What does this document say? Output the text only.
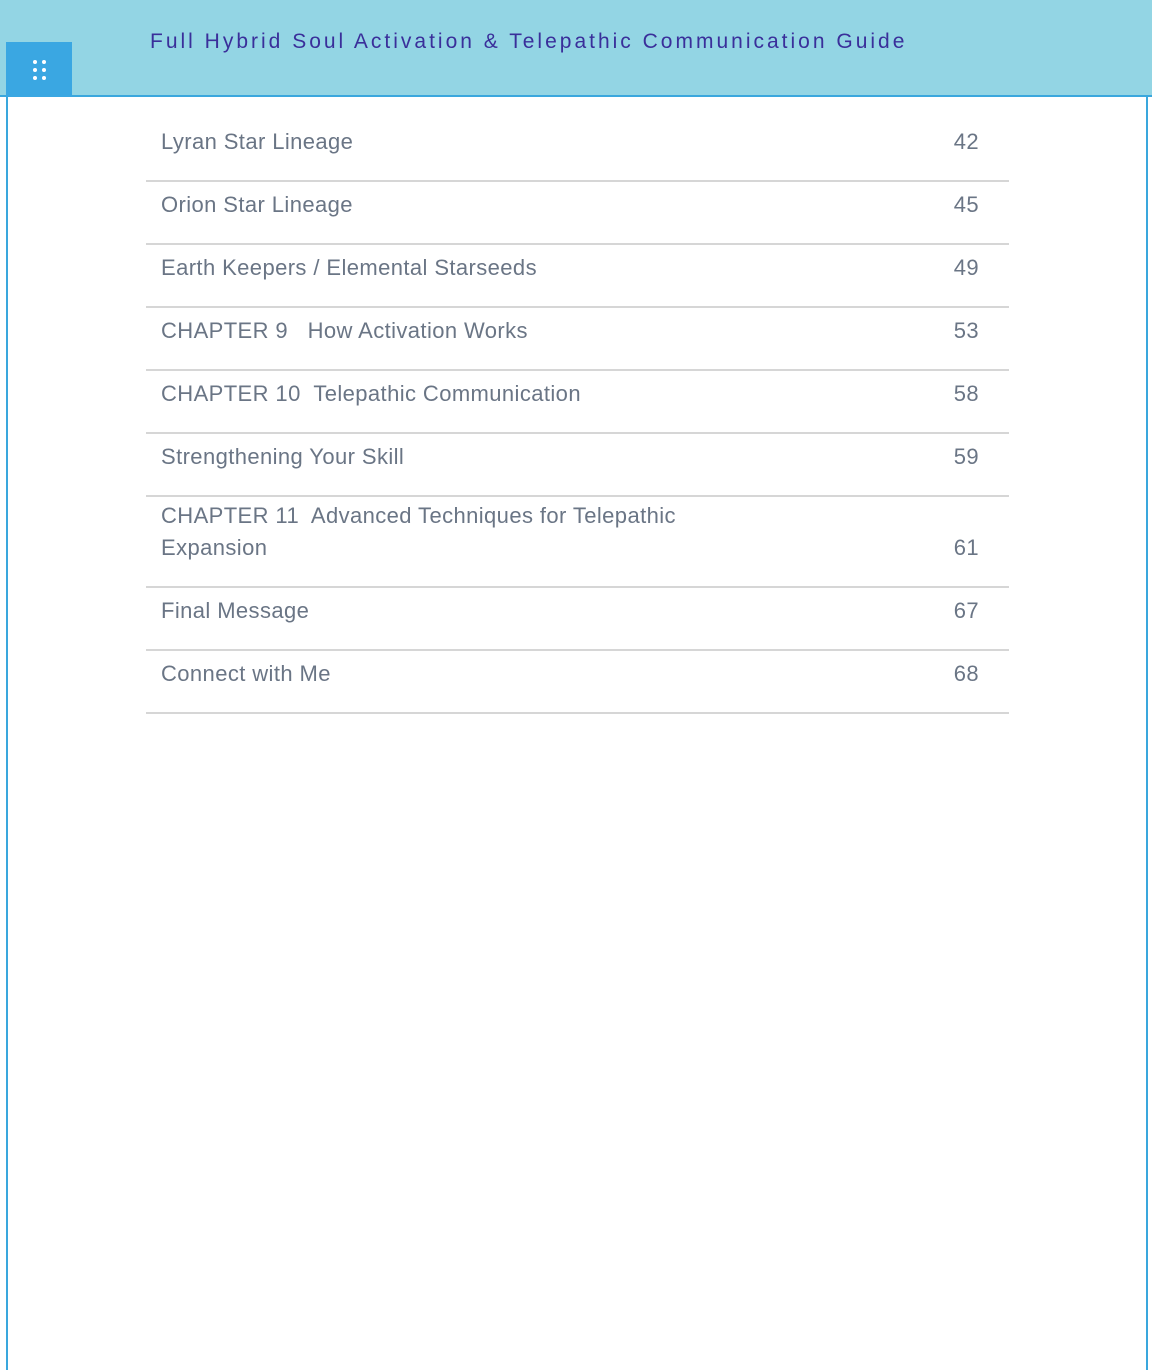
Full Hybrid Soul Activation & Telepathic Communication Guide
Lyran Star Lineage	42
Orion Star Lineage	45
Earth Keepers / Elemental Starseeds	49
CHAPTER 9   How Activation Works	53
CHAPTER 10  Telepathic Communication	58
Strengthening Your Skill	59
CHAPTER 11  Advanced Techniques for Telepathic Expansion	61
Final Message	67
Connect with Me	68
